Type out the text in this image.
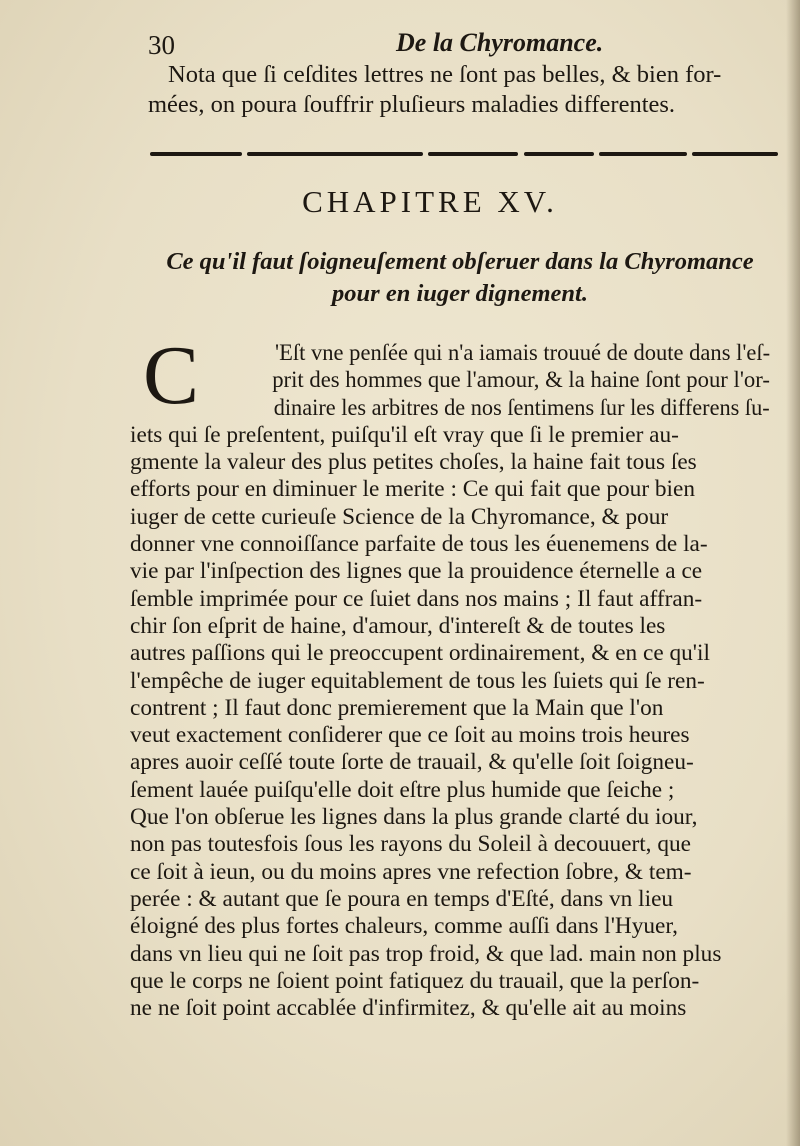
30	De la Chyromance.
Nota que ſi ceſdites lettres ne ſont pas belles, & bien for-
mées, on poura ſouffrir pluſieurs maladies differentes.
CHAPITRE XV.
Ce qu'il faut ſoigneuſement obſeruer dans la Chyromance
pour en iuger dignement.
C	'Eſt vne penſée qui n'a iamais trouué de doute dans l'eſ-
prit des hommes que l'amour, & la haine ſont pour l'or-
dinaire les arbitres de nos ſentimens ſur les differens ſu-
iets qui ſe preſentent, puiſqu'il eſt vray que ſi le premier au-
gmente la valeur des plus petites choſes, la haine fait tous ſes
efforts pour en diminuer le merite : Ce qui fait que pour bien
iuger de cette curieuſe Science de la Chyromance, & pour
donner vne connoiſſance parfaite de tous les éuenemens de la-
vie par l'inſpection des lignes que la prouidence éternelle a ce
ſemble imprimée pour ce ſuiet dans nos mains ; Il faut affran-
chir ſon eſprit de haine, d'amour, d'intereſt & de toutes les
autres paſſions qui le preoccupent ordinairement, & en ce qu'il
l'empêche de iuger equitablement de tous les ſuiets qui ſe ren-
contrent ; Il faut donc premierement que la Main que l'on
veut exactement conſiderer que ce ſoit au moins trois heures
apres auoir ceſſé toute ſorte de trauail, & qu'elle ſoit ſoigneu-
ſement lauée puiſqu'elle doit eſtre plus humide que ſeiche ;
Que l'on obſerue les lignes dans la plus grande clarté du iour,
non pas toutesfois ſous les rayons du Soleil à decouuert, que
ce ſoit à ieun, ou du moins apres vne refection ſobre, & tem-
perée : & autant que ſe poura en temps d'Eſté, dans vn lieu
éloigné des plus fortes chaleurs, comme auſſi dans l'Hyuer,
dans vn lieu qui ne ſoit pas trop froid, & que lad. main non plus
que le corps ne ſoient point fatiquez du trauail, que la perſon-
ne ne ſoit point accablée d'infirmitez, & qu'elle ait au moins
